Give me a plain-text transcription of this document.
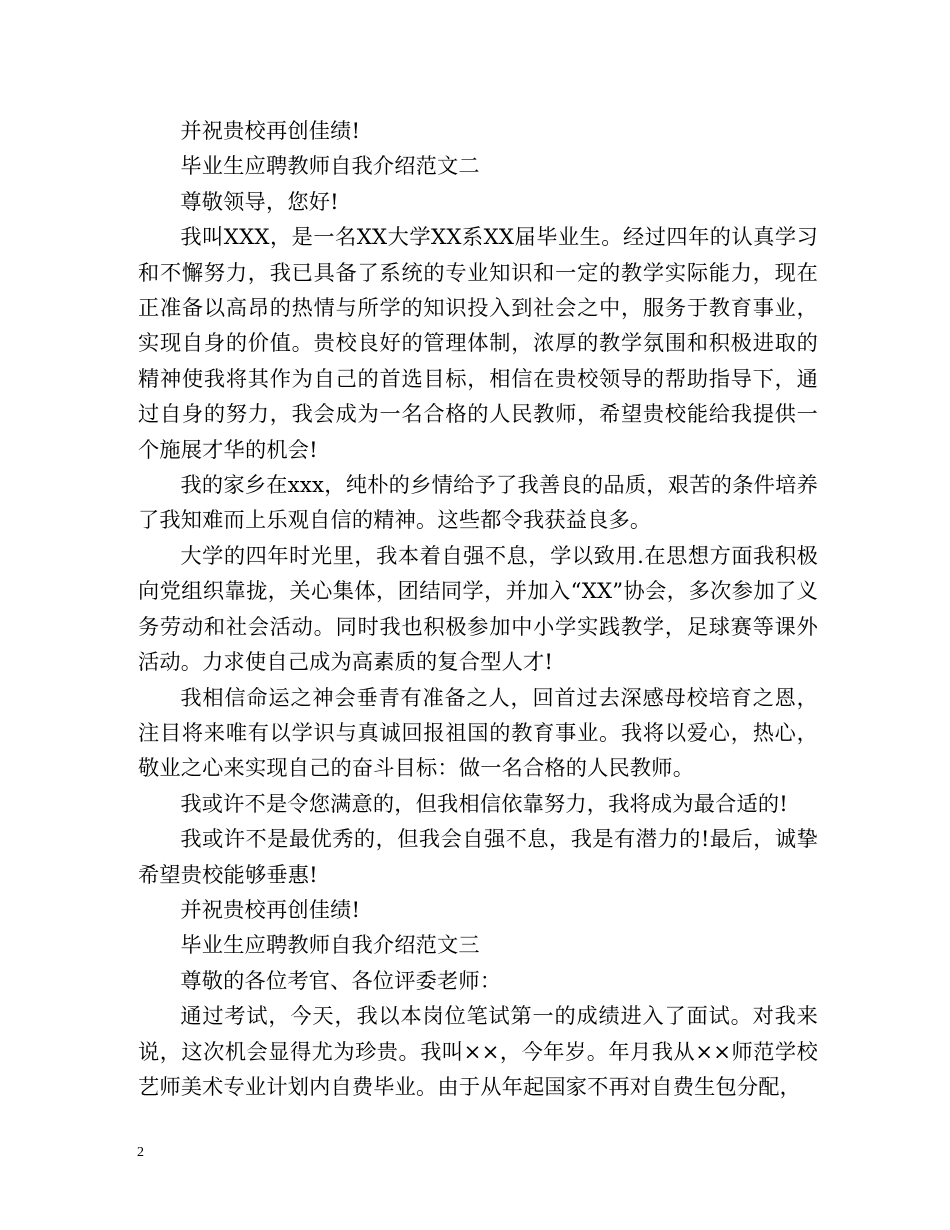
并祝贵校再创佳绩!

毕业生应聘教师自我介绍范文二

尊敬领导，您好!

我叫XXX，是一名XX大学XX系XX届毕业生。经过四年的认真学习和不懈努力，我已具备了系统的专业知识和一定的教学实际能力，现在正准备以高昂的热情与所学的知识投入到社会之中，服务于教育事业，实现自身的价值。贵校良好的管理体制，浓厚的教学氛围和积极进取的精神使我将其作为自己的首选目标，相信在贵校领导的帮助指导下，通过自身的努力，我会成为一名合格的人民教师，希望贵校能给我提供一个施展才华的机会!

我的家乡在xxx，纯朴的乡情给予了我善良的品质，艰苦的条件培养了我知难而上乐观自信的精神。这些都令我获益良多。

大学的四年时光里，我本着自强不息，学以致用.在思想方面我积极向党组织靠拢，关心集体，团结同学，并加入“XX”协会，多次参加了义务劳动和社会活动。同时我也积极参加中小学实践教学，足球赛等课外活动。力求使自己成为高素质的复合型人才!

我相信命运之神会垂青有准备之人，回首过去深感母校培育之恩，注目将来唯有以学识与真诚回报祖国的教育事业。我将以爱心，热心，敬业之心来实现自己的奋斗目标：做一名合格的人民教师。

我或许不是令您满意的，但我相信依靠努力，我将成为最合适的!

我或许不是最优秀的，但我会自强不息，我是有潜力的!最后，诚挚希望贵校能够垂惠!

并祝贵校再创佳绩!

毕业生应聘教师自我介绍范文三

尊敬的各位考官、各位评委老师：

通过考试，今天，我以本岗位笔试第一的成绩进入了面试。对我来说，这次机会显得尤为珍贵。我叫××，今年岁。年月我从××师范学校艺师美术专业计划内自费毕业。由于从年起国家不再对自费生包分配，

2
